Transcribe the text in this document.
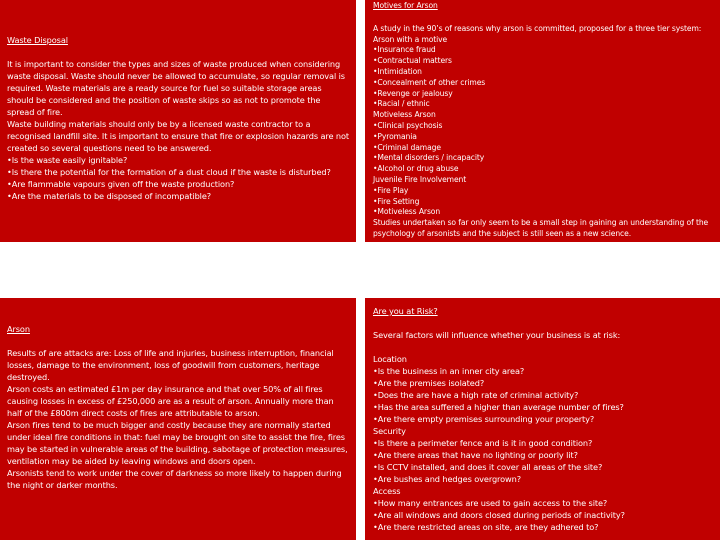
Waste Disposal

It is important to consider the types and sizes of waste produced when considering waste disposal. Waste should never be allowed to accumulate, so regular removal is required. Waste materials are a ready source for fuel so suitable storage areas should be considered and the position of waste skips so as not to promote the spread of fire.

Waste building materials should only be by a licensed waste contractor to a recognised landfill site. It is important to ensure that fire or explosion hazards are not created so several questions need to be answered.

•Is the waste easily ignitable?
•Is there the potential for the formation of a dust cloud if the waste is disturbed?
•Are flammable vapours given off the waste production?
•Are the materials to be disposed of incompatible?
Motives for Arson

A study in the 90’s of reasons why arson is committed, proposed for a three tier system:

Arson with a motive
•Insurance fraud
•Contractual matters
•Intimidation
•Concealment of other crimes
•Revenge or jealousy
•Racial / ethnic
Motiveless Arson
•Clinical psychosis
•Pyromania
•Criminal damage
•Mental disorders / incapacity
•Alcohol or drug abuse
Juvenile Fire Involvement
•Fire Play
•Fire Setting
•Motiveless Arson

Studies undertaken so far only seem to be a small step in gaining an understanding of the psychology of arsonists and the subject is still seen as a new science.

Arson

Results of are attacks are: Loss of life and injuries, business interruption, financial losses, damage to the environment, loss of goodwill from customers, heritage destroyed.

Arson costs an estimated £1m per day insurance and that over 50% of all fires causing losses in excess of £250,000 are as a result of arson. Annually more than half of the £800m direct costs of fires are attributable to arson.

Arson fires tend to be much bigger and costly because they are normally started under ideal fire conditions in that: fuel may be brought on site to assist the fire, fires may be started in vulnerable areas of the building, sabotage of protection measures, ventilation may be aided by leaving windows and doors open.

Arsonists tend to work under the cover of darkness so more likely to happen during the night or darker months.

Are you at Risk?

Several factors will influence whether your business is at risk:

Location
•Is the business in an inner city area?
•Are the premises isolated?
•Does the are have a high rate of criminal activity?
•Has the area suffered a higher than average number of fires?
•Are there empty premises surrounding your property?
Security
•Is there a perimeter fence and is it in good condition?
•Are there areas that have no lighting or poorly lit?
•Is CCTV installed, and does it cover all areas of the site?
•Are bushes and hedges overgrown?
Access
•How many entrances are used to gain access to the site?
•Are all windows and doors closed during periods of inactivity?
•Are there restricted areas on site, are they adhered to?
